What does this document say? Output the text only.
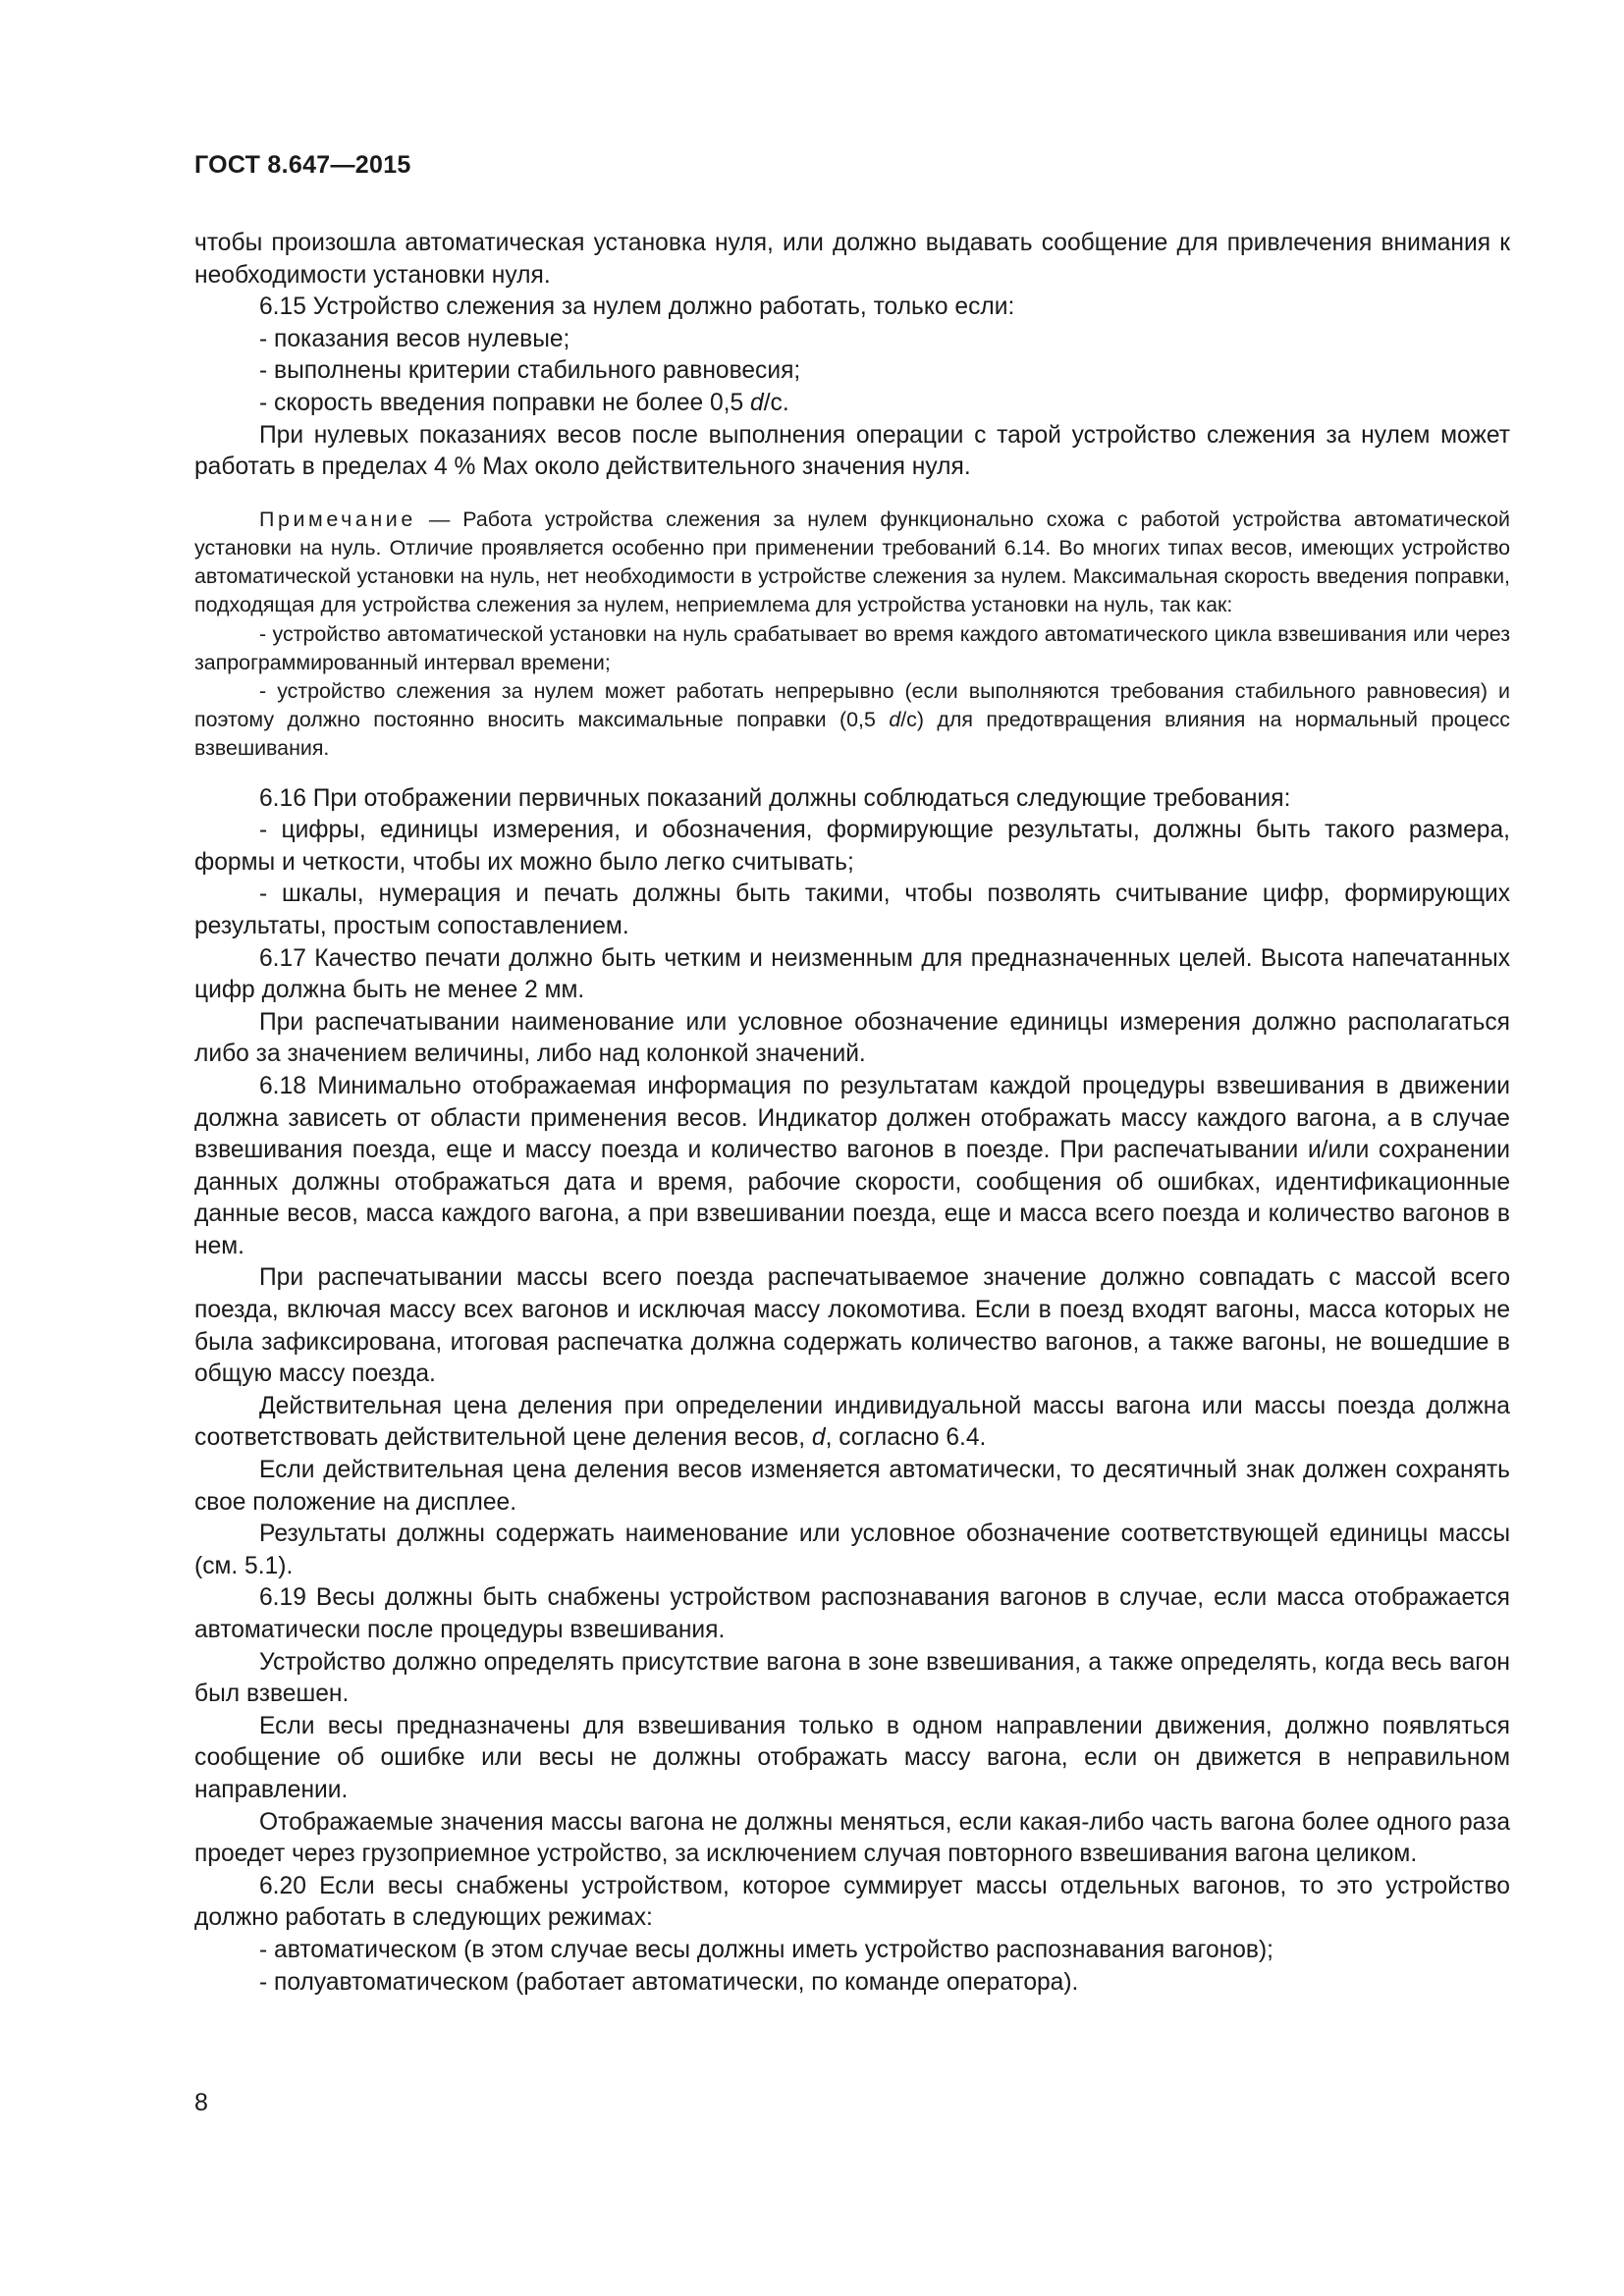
ГОСТ 8.647—2015

чтобы произошла автоматическая установка нуля, или должно выдавать сообщение для привлечения внимания к необходимости установки нуля.

6.15 Устройство слежения за нулем должно работать, только если:

- показания весов нулевые;

- выполнены критерии стабильного равновесия;

- скорость введения поправки не более 0,5 d/c.

При нулевых показаниях весов после выполнения операции с тарой устройство слежения за нулем может работать в пределах 4 % Max около действительного значения нуля.

Примечание — Работа устройства слежения за нулем функционально схожа с работой устройства автоматической установки на нуль. Отличие проявляется особенно при применении требований 6.14. Во многих типах весов, имеющих устройство автоматической установки на нуль, нет необходимости в устройстве слежения за нулем. Максимальная скорость введения поправки, подходящая для устройства слежения за нулем, неприемлема для устройства установки на нуль, так как:

- устройство автоматической установки на нуль срабатывает во время каждого автоматического цикла взвешивания или через запрограммированный интервал времени;

- устройство слежения за нулем может работать непрерывно (если выполняются требования стабильного равновесия) и поэтому должно постоянно вносить максимальные поправки (0,5 d/c) для предотвращения влияния на нормальный процесс взвешивания.

6.16 При отображении первичных показаний должны соблюдаться следующие требования:

- цифры, единицы измерения, и обозначения, формирующие результаты, должны быть такого размера, формы и четкости, чтобы их можно было легко считывать;

- шкалы, нумерация и печать должны быть такими, чтобы позволять считывание цифр, формирующих результаты, простым сопоставлением.

6.17 Качество печати должно быть четким и неизменным для предназначенных целей. Высота напечатанных цифр должна быть не менее 2 мм.

При распечатывании наименование или условное обозначение единицы измерения должно располагаться либо за значением величины, либо над колонкой значений.

6.18 Минимально отображаемая информация по результатам каждой процедуры взвешивания в движении должна зависеть от области применения весов. Индикатор должен отображать массу каждого вагона, а в случае взвешивания поезда, еще и массу поезда и количество вагонов в поезде. При распечатывании и/или сохранении данных должны отображаться дата и время, рабочие скорости, сообщения об ошибках, идентификационные данные весов, масса каждого вагона, а при взвешивании поезда, еще и масса всего поезда и количество вагонов в нем.

При распечатывании массы всего поезда распечатываемое значение должно совпадать с массой всего поезда, включая массу всех вагонов и исключая массу локомотива. Если в поезд входят вагоны, масса которых не была зафиксирована, итоговая распечатка должна содержать количество вагонов, а также вагоны, не вошедшие в общую массу поезда.

Действительная цена деления при определении индивидуальной массы вагона или массы поезда должна соответствовать действительной цене деления весов, d, согласно 6.4.

Если действительная цена деления весов изменяется автоматически, то десятичный знак должен сохранять свое положение на дисплее.

Результаты должны содержать наименование или условное обозначение соответствующей единицы массы (см. 5.1).

6.19 Весы должны быть снабжены устройством распознавания вагонов в случае, если масса отображается автоматически после процедуры взвешивания.

Устройство должно определять присутствие вагона в зоне взвешивания, а также определять, когда весь вагон был взвешен.

Если весы предназначены для взвешивания только в одном направлении движения, должно появляться сообщение об ошибке или весы не должны отображать массу вагона, если он движется в неправильном направлении.

Отображаемые значения массы вагона не должны меняться, если какая-либо часть вагона более одного раза проедет через грузоприемное устройство, за исключением случая повторного взвешивания вагона целиком.

6.20 Если весы снабжены устройством, которое суммирует массы отдельных вагонов, то это устройство должно работать в следующих режимах:

- автоматическом (в этом случае весы должны иметь устройство распознавания вагонов);

- полуавтоматическом (работает автоматически, по команде оператора).

8
